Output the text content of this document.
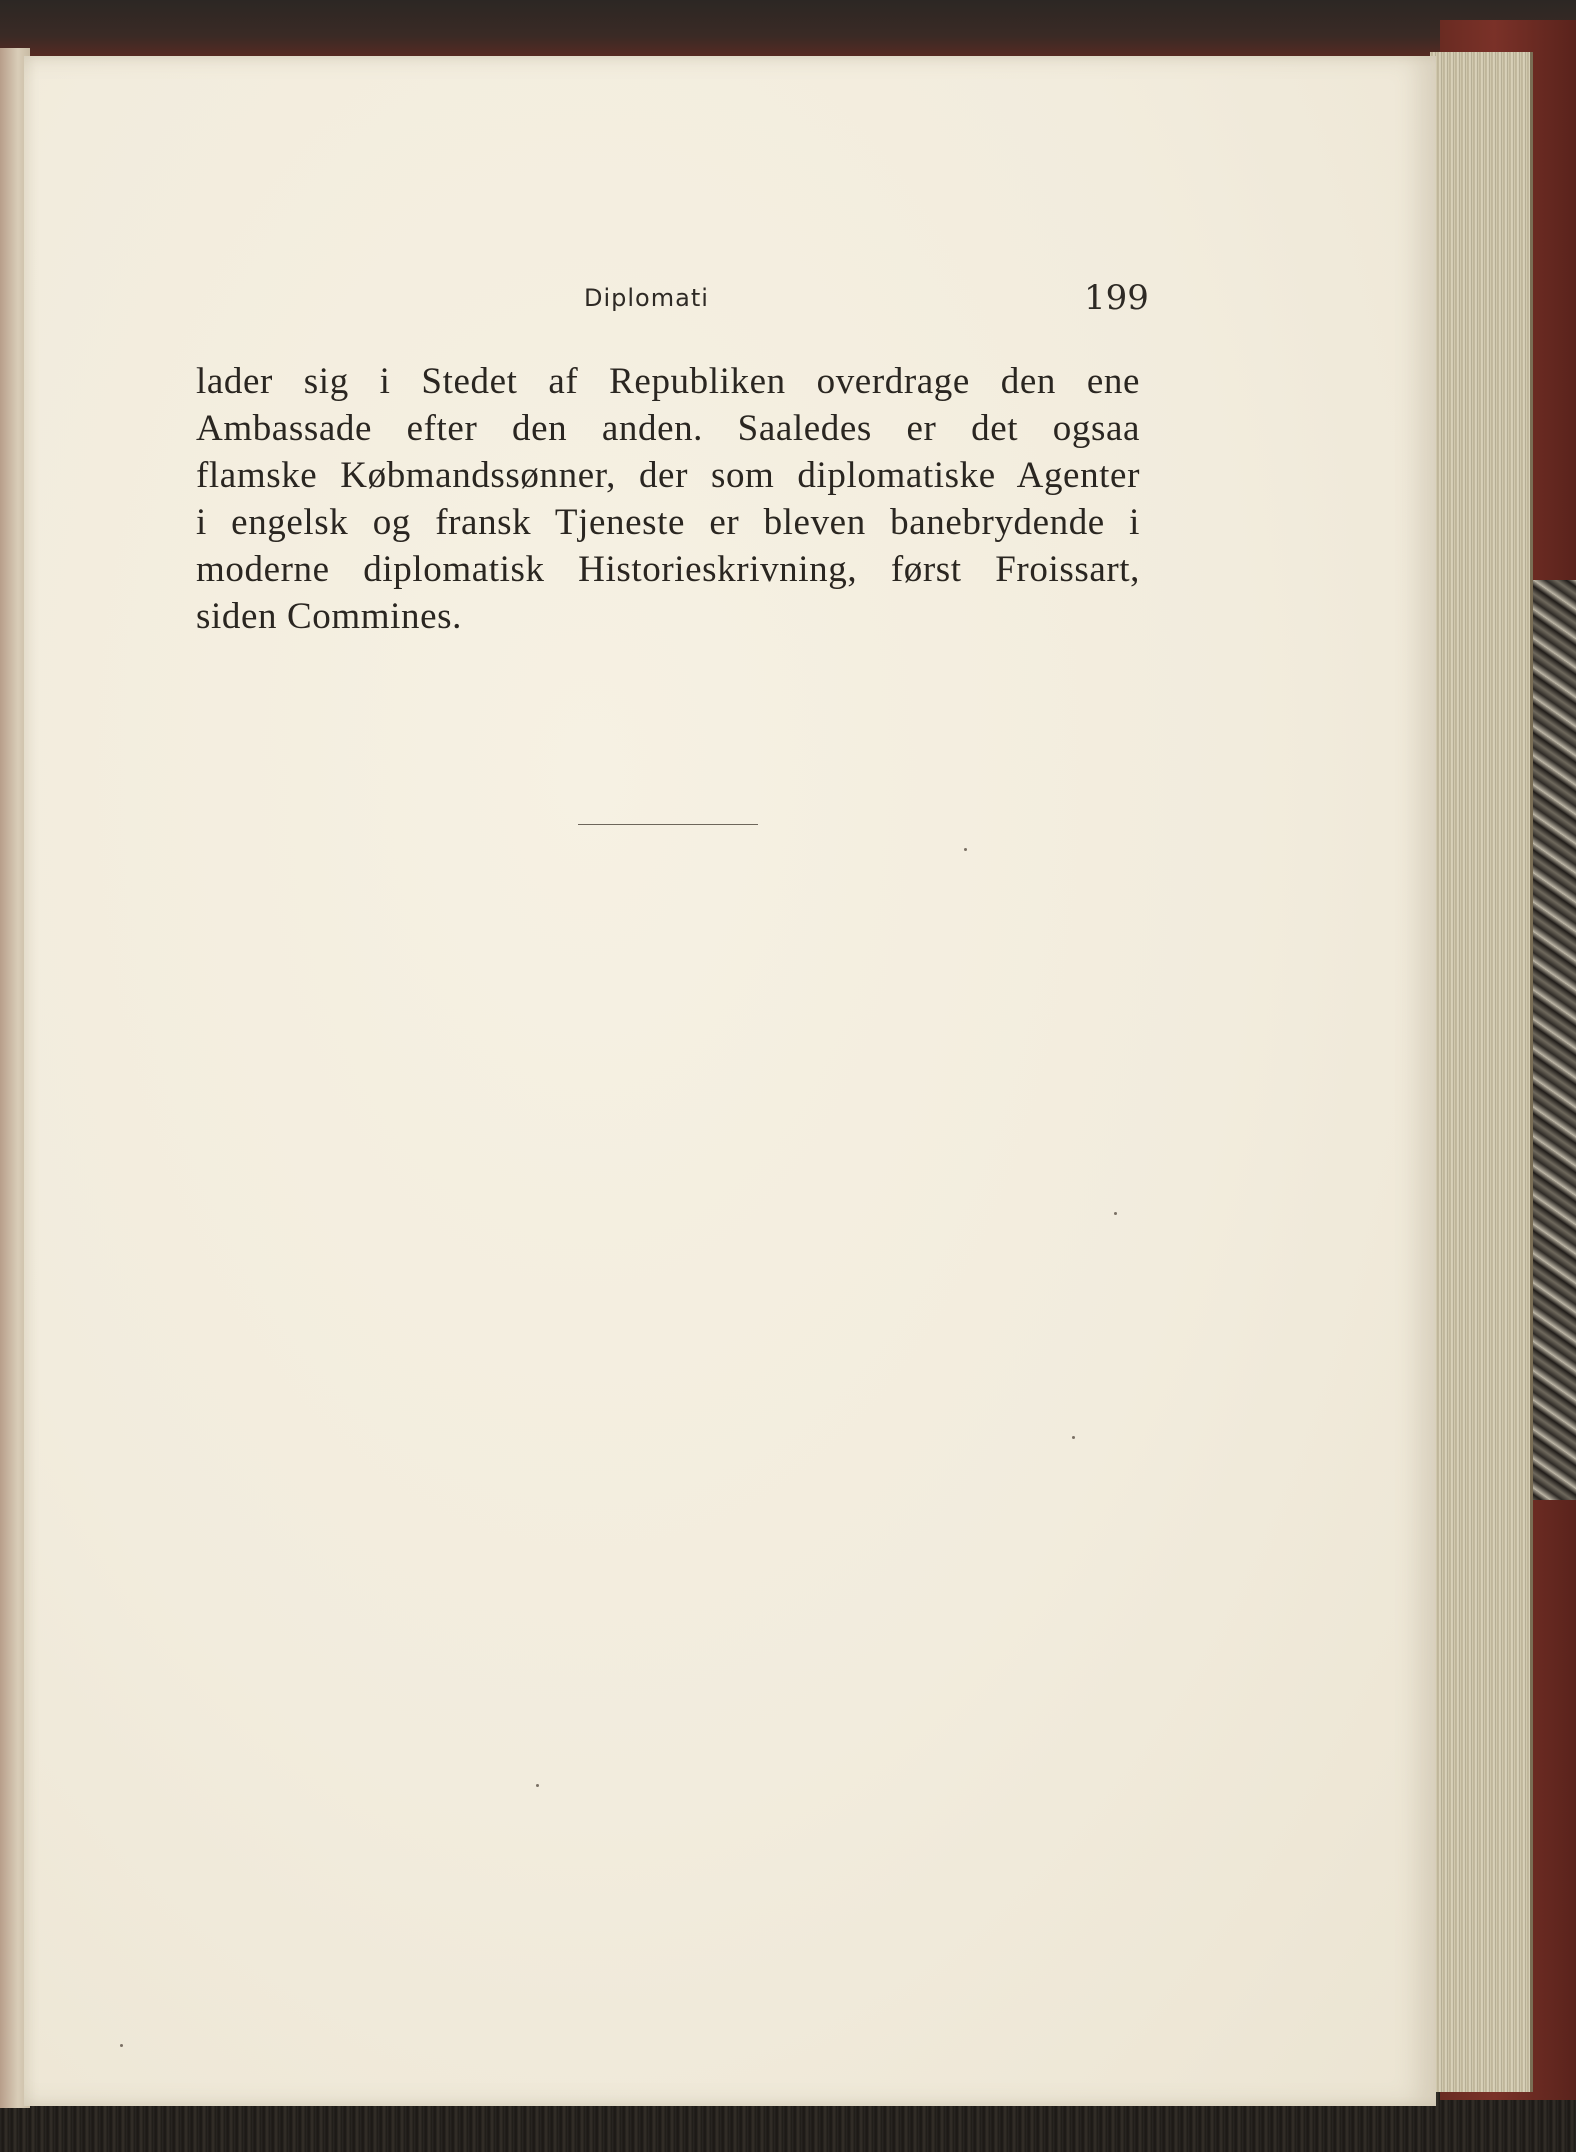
Diplomati	199

lader sig i Stedet af Republiken overdrage den ene
Ambassade efter den anden. Saaledes er det ogsaa
flamske Købmandssønner, der som diplomatiske Agenter
i engelsk og fransk Tjeneste er bleven banebrydende i
moderne diplomatisk Historieskrivning, først Froissart,
siden Commines.
